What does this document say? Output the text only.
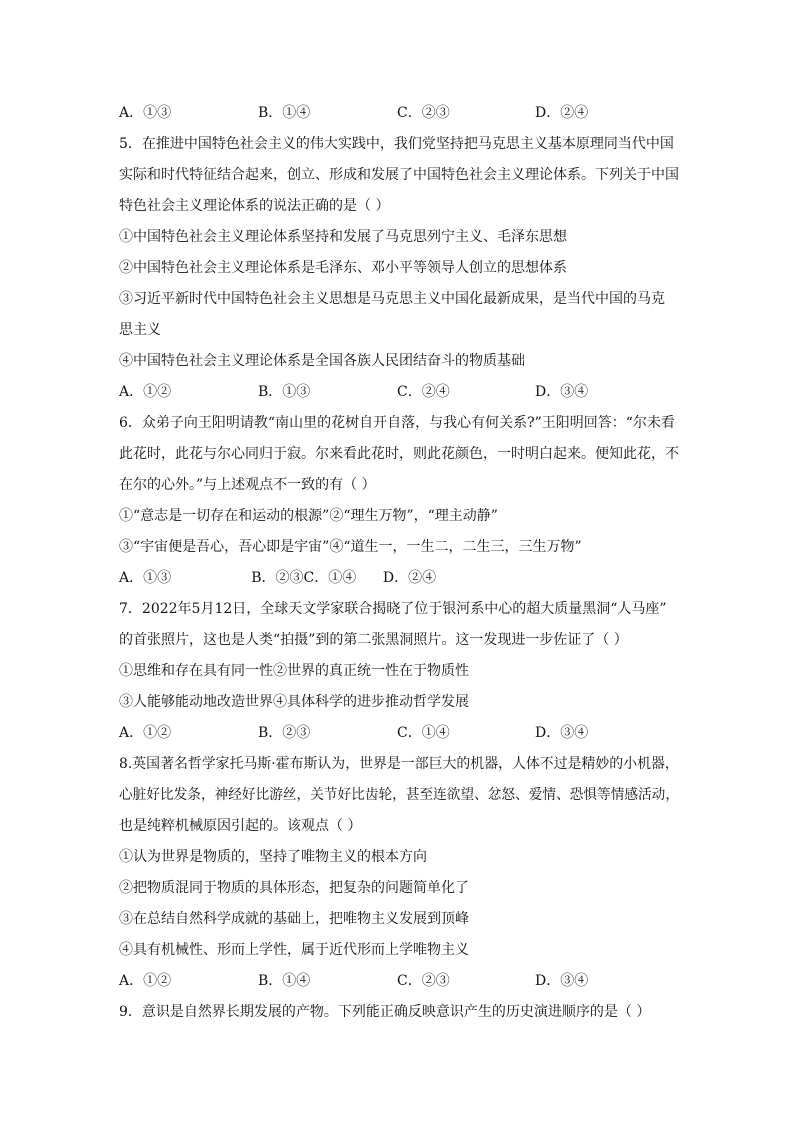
A．①③	B．①④	C．②③	D．②④
5．在推进中国特色社会主义的伟大实践中，我们党坚持把马克思主义基本原理同当代中国
实际和时代特征结合起来，创立、形成和发展了中国特色社会主义理论体系。下列关于中国
特色社会主义理论体系的说法正确的是（ ）
①中国特色社会主义理论体系坚持和发展了马克思列宁主义、毛泽东思想
②中国特色社会主义理论体系是毛泽东、邓小平等领导人创立的思想体系
③习近平新时代中国特色社会主义思想是马克思主义中国化最新成果，是当代中国的马克
思主义
④中国特色社会主义理论体系是全国各族人民团结奋斗的物质基础
A．①②	B．①③	C．②④	D．③④
6．众弟子向王阳明请教“南山里的花树自开自落，与我心有何关系?”王阳明回答：“尔未看
此花时，此花与尔心同归于寂。尔来看此花时，则此花颜色，一时明白起来。便知此花，不
在尔的心外。”与上述观点不一致的有（ ）
①“意志是一切存在和运动的根源”②“理生万物”，“理主动静”
③“宇宙便是吾心，吾心即是宇宙”④“道生一，一生二，二生三，三生万物”
A．①③                  B．②③C．①④      D．②④
7．2022年5月12日，全球天文学家联合揭晓了位于银河系中心的超大质量黑洞“人马座”
的首张照片，这也是人类“拍摄”到的第二张黑洞照片。这一发现进一步佐证了（ ）
①思维和存在具有同一性②世界的真正统一性在于物质性
③人能够能动地改造世界④具体科学的进步推动哲学发展
A．①②	B．②③	C．①④	D．③④
8.英国著名哲学家托马斯·霍布斯认为，世界是一部巨大的机器，人体不过是精妙的小机器，
心脏好比发条，神经好比游丝，关节好比齿轮，甚至连欲望、忿怒、爱情、恐惧等情感活动，
也是纯粹机械原因引起的。该观点（ ）
①认为世界是物质的，坚持了唯物主义的根本方向
②把物质混同于物质的具体形态，把复杂的问题简单化了
③在总结自然科学成就的基础上，把唯物主义发展到顶峰
④具有机械性、形而上学性，属于近代形而上学唯物主义
A．①②	B．①④	C．②③	D．③④
9．意识是自然界长期发展的产物。下列能正确反映意识产生的历史演进顺序的是（ ）
